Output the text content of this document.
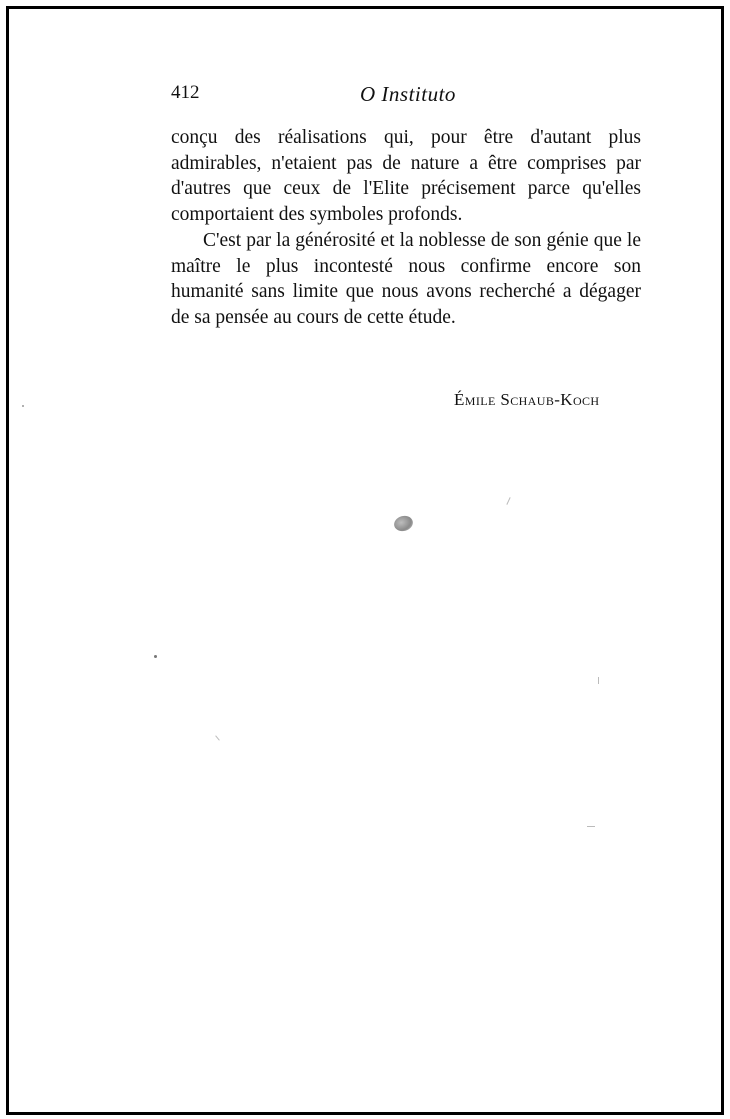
412	O Instituto

conçu des réalisations qui, pour être d'autant plus admirables, n'etaient pas de nature a être comprises par d'autres que ceux de l'Elite précisement parce qu'elles comportaient des symboles profonds.

C'est par la générosité et la noblesse de son génie que le maître le plus incontesté nous confirme encore son humanité sans limite que nous avons recherché a dégager de sa pensée au cours de cette étude.

Émile Schaub-Koch
